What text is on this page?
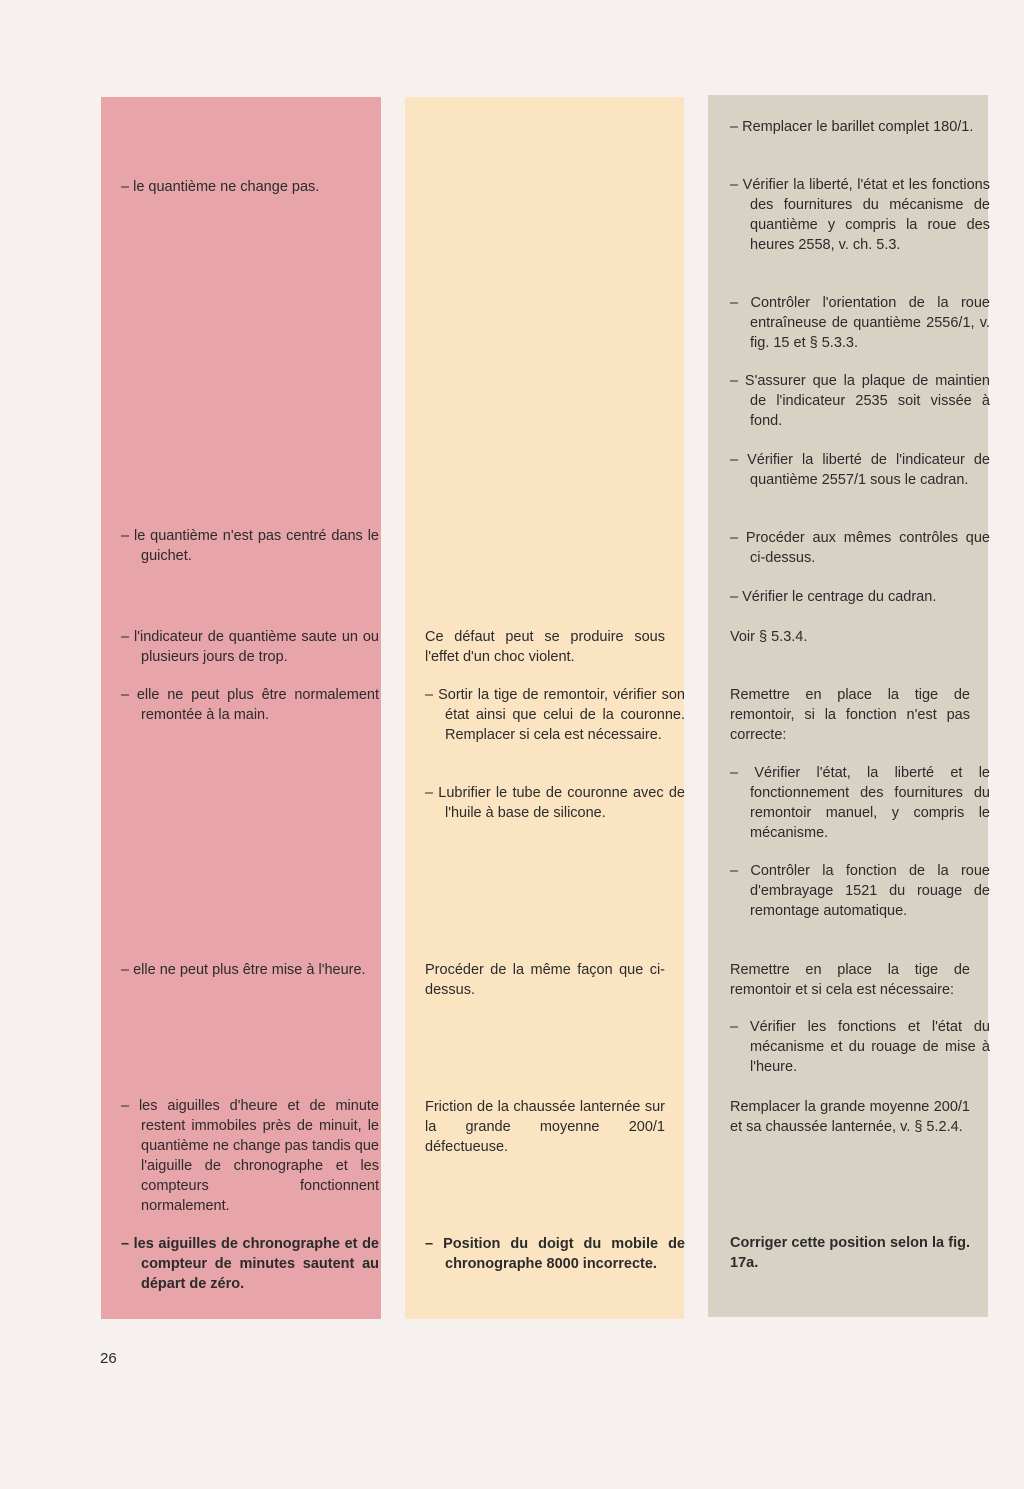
– le quantième ne change pas.
– le quantième n'est pas centré dans le guichet.
– l'indicateur de quantième saute un ou plusieurs jours de trop.
– elle ne peut plus être normalement remontée à la main.
– elle ne peut plus être mise à l'heure.
– les aiguilles d'heure et de minute restent immobiles près de minuit, le quantième ne change pas tandis que l'aiguille de chronographe et les compteurs fonctionnent normalement.
– les aiguilles de chronographe et de compteur de minutes sautent au départ de zéro.
Ce défaut peut se produire sous l'effet d'un choc violent.
– Sortir la tige de remontoir, vérifier son état ainsi que celui de la couronne. Remplacer si cela est nécessaire.
– Lubrifier le tube de couronne avec de l'huile à base de silicone.
Procéder de la même façon que ci-dessus.
Friction de la chaussée lanternée sur la grande moyenne 200/1 défectueuse.
– Position du doigt du mobile de chronographe 8000 incorrecte.
– Remplacer le barillet complet 180/1.
– Vérifier la liberté, l'état et les fonctions des fournitures du mécanisme de quantième y compris la roue des heures 2558, v. ch. 5.3.
– Contrôler l'orientation de la roue entraîneuse de quantième 2556/1, v. fig. 15 et § 5.3.3.
– S'assurer que la plaque de maintien de l'indicateur 2535 soit vissée à fond.
– Vérifier la liberté de l'indicateur de quantième 2557/1 sous le cadran.
– Procéder aux mêmes contrôles que ci-dessus.
– Vérifier le centrage du cadran.
Voir § 5.3.4.
Remettre en place la tige de remontoir, si la fonction n'est pas correcte:
– Vérifier l'état, la liberté et le fonctionnement des fournitures du remontoir manuel, y compris le mécanisme.
– Contrôler la fonction de la roue d'embrayage 1521 du rouage de remontage automatique.
Remettre en place la tige de remontoir et si cela est nécessaire:
– Vérifier les fonctions et l'état du mécanisme et du rouage de mise à l'heure.
Remplacer la grande moyenne 200/1 et sa chaussée lanternée, v. § 5.2.4.
Corriger cette position selon la fig. 17a.
26
